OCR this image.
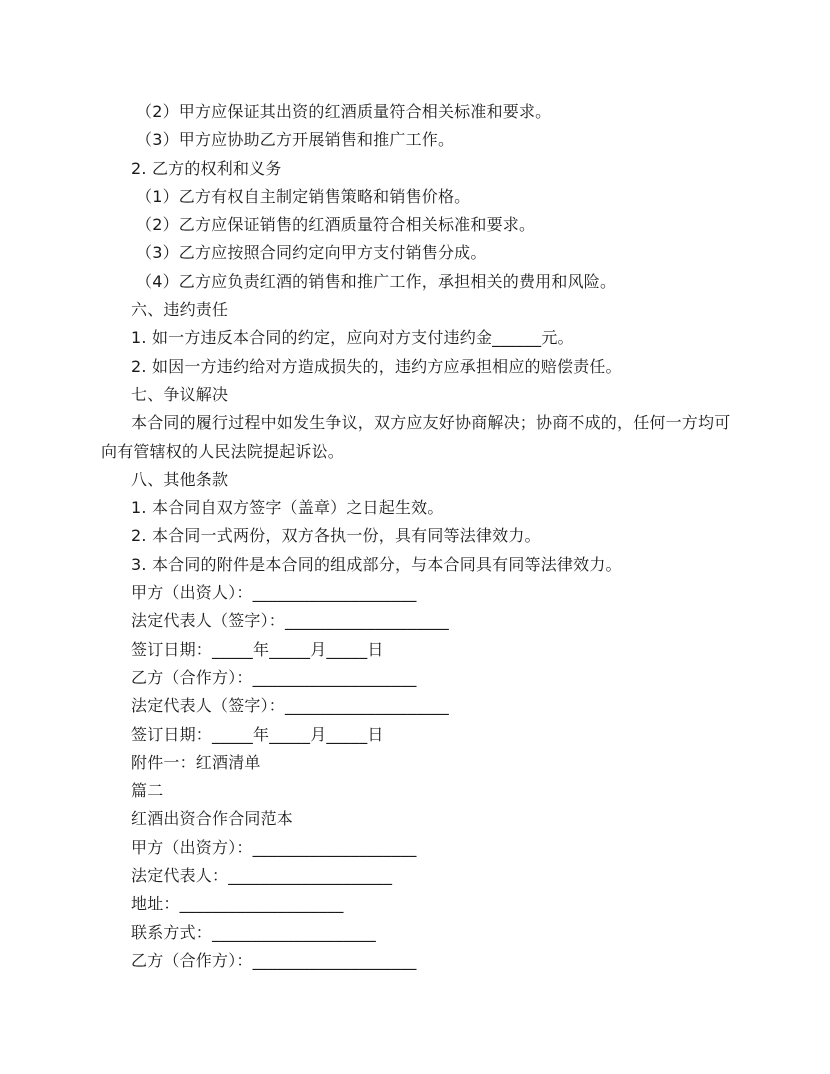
（2）甲方应保证其出资的红酒质量符合相关标准和要求。
（3）甲方应协助乙方开展销售和推广工作。
2. 乙方的权利和义务
（1）乙方有权自主制定销售策略和销售价格。
（2）乙方应保证销售的红酒质量符合相关标准和要求。
（3）乙方应按照合同约定向甲方支付销售分成。
（4）乙方应负责红酒的销售和推广工作，承担相关的费用和风险。
六、违约责任
1. 如一方违反本合同的约定，应向对方支付违约金______元。
2. 如因一方违约给对方造成损失的，违约方应承担相应的赔偿责任。
七、争议解决
本合同的履行过程中如发生争议，双方应友好协商解决；协商不成的，任何一方均可
向有管辖权的人民法院提起诉讼。
八、其他条款
1. 本合同自双方签字（盖章）之日起生效。
2. 本合同一式两份，双方各执一份，具有同等法律效力。
3. 本合同的附件是本合同的组成部分，与本合同具有同等法律效力。
甲方（出资人）：____________________
法定代表人（签字）：____________________
签订日期：_____年_____月_____日
乙方（合作方）：____________________
法定代表人（签字）：____________________
签订日期：_____年_____月_____日
附件一：红酒清单
篇二
红酒出资合作合同范本
甲方（出资方）：____________________
法定代表人：____________________
地址：____________________
联系方式：____________________
乙方（合作方）：____________________
